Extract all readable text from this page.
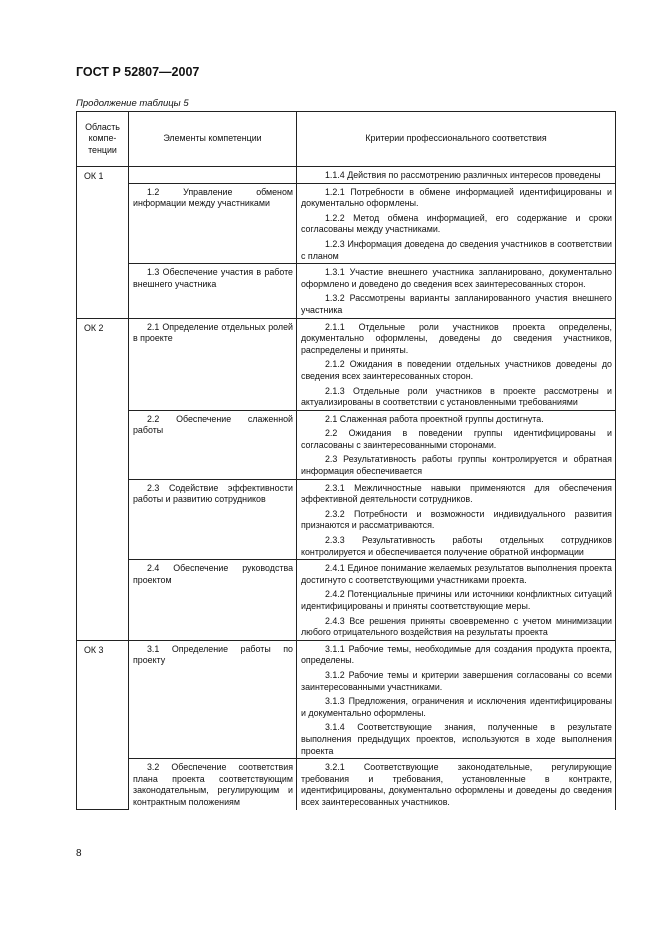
ГОСТ Р 52807—2007
Продолжение таблицы 5
Область компе-тенции	Элементы компетенции	Критерии профессионального соответствия
ОК 1		1.1.4 Действия по рассмотрению различных интересов проведены

	1.2 Управление обменом информации между участниками	1.2.1 Потребности в обмене информацией идентифицированы и документально оформлены.
1.2.2 Метод обмена информацией, его содержание и сроки согласованы между участниками.
1.2.3 Информация доведена до сведения участников в соответствии с планом

	1.3 Обеспечение участия в работе внешнего участника	1.3.1 Участие внешнего участника запланировано, документально оформлено и доведено до сведения всех заинтересованных сторон.
1.3.2 Рассмотрены варианты запланированного участия внешнего участника

ОК 2	2.1 Определение отдельных ролей в проекте	2.1.1 Отдельные роли участников проекта определены, документально оформлены, доведены до сведения участников, распределены и приняты.
2.1.2 Ожидания в поведении отдельных участников доведены до сведения всех заинтересованных сторон.
2.1.3 Отдельные роли участников в проекте рассмотрены и актуализированы в соответствии с установленными требованиями

	2.2 Обеспечение слаженной работы	2.1 Слаженная работа проектной группы достигнута.
2.2 Ожидания в поведении группы идентифицированы и согласованы с заинтересованными сторонами.
2.3 Результативность работы группы контролируется и обратная информация обеспечивается

	2.3 Содействие эффективности работы и развитию сотрудников	2.3.1 Межличностные навыки применяются для обеспечения эффективной деятельности сотрудников.
2.3.2 Потребности и возможности индивидуального развития признаются и рассматриваются.
2.3.3 Результативность работы отдельных сотрудников контролируется и обеспечивается получение обратной информации

	2.4 Обеспечение руководства проектом	2.4.1 Единое понимание желаемых результатов выполнения проекта достигнуто с соответствующими участниками проекта.
2.4.2 Потенциальные причины или источники конфликтных ситуаций идентифицированы и приняты соответствующие меры.
2.4.3 Все решения приняты своевременно с учетом минимизации любого отрицательного воздействия на результаты проекта

ОК 3	3.1 Определение работы по проекту	3.1.1 Рабочие темы, необходимые для создания продукта проекта, определены.
3.1.2 Рабочие темы и критерии завершения согласованы со всеми заинтересованными участниками.
3.1.3 Предложения, ограничения и исключения идентифицированы и документально оформлены.
3.1.4 Соответствующие знания, полученные в результате выполнения предыдущих проектов, используются в ходе выполнения проекта

	3.2 Обеспечение соответствия плана проекта соответствующим законодательным, регулирующим и контрактным положениям	3.2.1 Соответствующие законодательные, регулирующие требования и требования, установленные в контракте, идентифицированы, документально оформлены и доведены до сведения всех заинтересованных участников.
8
